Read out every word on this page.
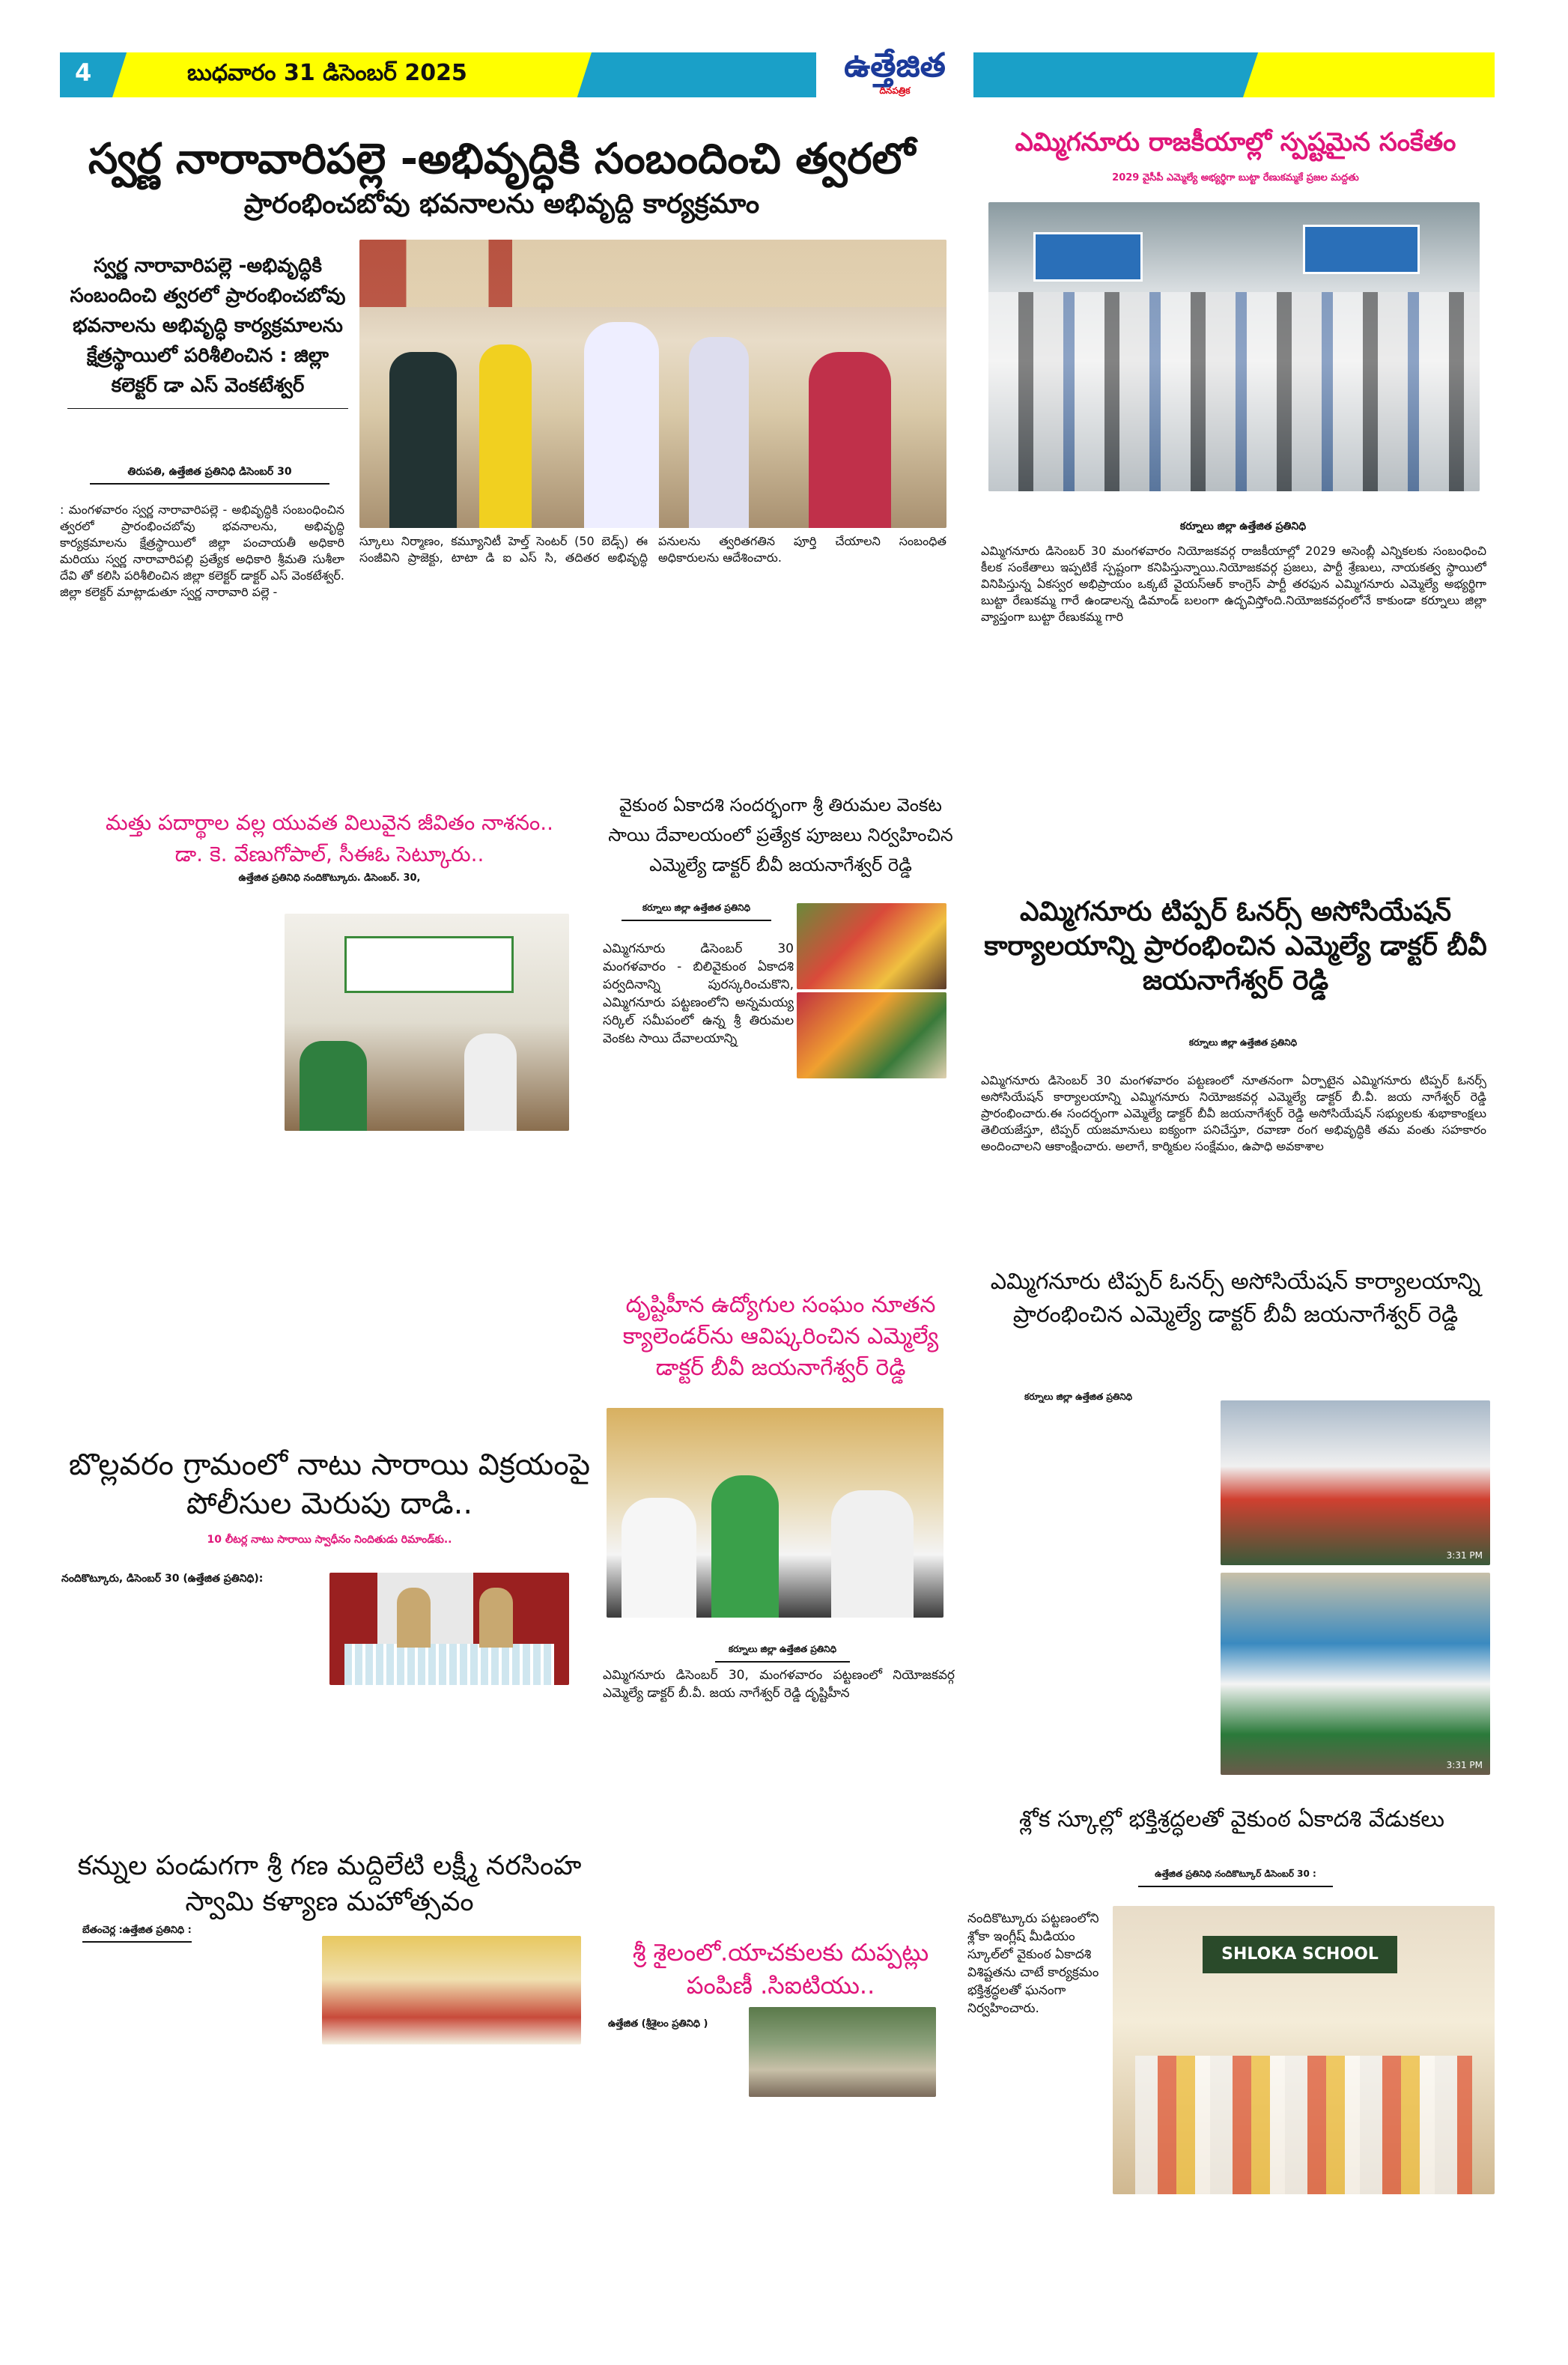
4	బుధవారం 31 డిసెంబర్ 2025	ఉత్తేజిత
దినపత్రిక
స్వర్ణ నారావారిపల్లె -అభివృద్ధికి సంబందించి త్వరలో
ప్రారంభించబోవు భవనాలను అభివృద్ది కార్యక్రమాం
స్వర్ణ నారావారిపల్లె -అభివృద్ధికి సంబందించి త్వరలో ప్రారంభించబోవు భవనాలను అభివృద్ధి కార్యక్రమాలను క్షేత్రస్థాయిలో పరిశీలించిన : జిల్లా కలెక్టర్ డా ఎస్ వెంకటేశ్వర్
తిరుపతి, ఉత్తేజిత ప్రతినిధి డిసెంబర్ 30
: మంగళవారం స్వర్ణ నారావారిపల్లె - అభివృద్ధికి సంబంధించిన త్వరలో ప్రారంభించబోవు భవనాలను, అభివృద్ధి కార్యక్రమాలను క్షేత్రస్థాయిలో జిల్లా పంచాయతీ అధికారి మరియు స్వర్ణ నారావారిపల్లి ప్రత్యేక అధికారి శ్రీమతి సుశీలా దేవి తో కలిసి పరిశీలించిన జిల్లా కలెక్టర్ డాక్టర్ ఎస్ వెంకటేశ్వర్. జిల్లా కలెక్టర్ మాట్లాడుతూ స్వర్ణ నారావారి పల్లె -
స్కూలు నిర్మాణం, కమ్యూనిటీ హెల్త్ సెంటర్ (50 బెడ్స్) ఈ సంజీవిని ప్రాజెక్టు, టాటా డి ఐ ఎస్ సి, తదితర అభివృద్ధి పనులను త్వరితగతిన పూర్తి చేయాలని సంబంధిత అధికారులను ఆదేశించారు.
ఎమ్మిగనూరు రాజకీయాల్లో స్పష్టమైన సంకేతం
2029 వైసీపీ ఎమ్మెల్యే అభ్యర్థిగా బుట్టా రేణుకమ్మకే ప్రజల మద్దతు
కర్నూలు జిల్లా ఉత్తేజిత ప్రతినిధి
ఎమ్మిగనూరు డిసెంబర్ 30 మంగళవారం నియోజకవర్గ రాజకీయాల్లో 2029 అసెంబ్లీ ఎన్నికలకు సంబంధించి కీలక సంకేతాలు ఇప్పటికే స్పష్టంగా కనిపిస్తున్నాయి.నియోజకవర్గ ప్రజలు, పార్టీ శ్రేణులు, నాయకత్వ స్థాయిలో వినిపిస్తున్న ఏకస్వర అభిప్రాయం ఒక్కటే వైయస్ఆర్ కాంగ్రెస్ పార్టీ తరఫున ఎమ్మిగనూరు ఎమ్మెల్యే అభ్యర్థిగా బుట్టా రేణుకమ్మ గారే ఉండాలన్న డిమాండ్ బలంగా ఉద్భవిస్తోంది.నియోజకవర్గంలోనే కాకుండా కర్నూలు జిల్లా వ్యాప్తంగా బుట్టా రేణుకమ్మ గారి
మత్తు పదార్థాల వల్ల యువత విలువైన జీవితం నాశనం..
డా. కె. వేణుగోపాల్, సీఈఓ సెట్కూరు..
ఉత్తేజిత ప్రతినిధి నందికొట్కూరు. డిసెంబర్. 30,
వైకుంఠ ఏకాదశి సందర్భంగా శ్రీ తిరుమల వెంకట సాయి దేవాలయంలో ప్రత్యేక పూజలు నిర్వహించిన ఎమ్మెల్యే డాక్టర్ బీవీ జయనాగేశ్వర్ రెడ్డి
కర్నూలు జిల్లా ఉత్తేజిత ప్రతినిధి
ఎమ్మిగనూరు డిసెంబర్ 30 మంగళవారం - బిలివైకుంఠ ఏకాదశి పర్వదినాన్ని పురస్కరించుకొని, ఎమ్మిగనూరు పట్టణంలోని అన్నమయ్య సర్కిల్ సమీపంలో ఉన్న శ్రీ తిరుమల వెంకట సాయి దేవాలయాన్ని
ఎమ్మిగనూరు టిప్పర్ ఓనర్స్ అసోసియేషన్ కార్యాలయాన్ని ప్రారంభించిన ఎమ్మెల్యే డాక్టర్ బీవీ జయనాగేశ్వర్ రెడ్డి
కర్నూలు జిల్లా ఉత్తేజిత ప్రతినిధి
ఎమ్మిగనూరు డిసెంబర్ 30 మంగళవారం పట్టణంలో నూతనంగా ఏర్పాటైన ఎమ్మిగనూరు టిప్పర్ ఓనర్స్ అసోసియేషన్ కార్యాలయాన్ని ఎమ్మిగనూరు నియోజకవర్గ ఎమ్మెల్యే డాక్టర్ బీ.వీ. జయ నాగేశ్వర్ రెడ్డి ప్రారంభించారు.ఈ సందర్భంగా ఎమ్మెల్యే డాక్టర్ బీవీ జయనాగేశ్వర్ రెడ్డి అసోసియేషన్ సభ్యులకు శుభాకాంక్షలు తెలియజేస్తూ, టిప్పర్ యజమానులు ఐక్యంగా పనిచేస్తూ, రవాణా రంగ అభివృద్ధికి తమ వంతు సహకారం అందించాలని ఆకాంక్షించారు. అలాగే, కార్మికుల సంక్షేమం, ఉపాధి అవకాశాల
దృష్టిహీన ఉద్యోగుల సంఘం నూతన క్యాలెండర్‌ను ఆవిష్కరించిన ఎమ్మెల్యే డాక్టర్ బీవీ జయనాగేశ్వర్ రెడ్డి
కర్నూలు జిల్లా ఉత్తేజిత ప్రతినిధి
ఎమ్మిగనూరు డిసెంబర్ 30, మంగళవారం పట్టణంలో నియోజకవర్గ ఎమ్మెల్యే డాక్టర్ బీ.వీ. జయ నాగేశ్వర్ రెడ్డి దృష్టిహీన
బొల్లవరం గ్రామంలో నాటు సారాయి విక్రయంపై పోలీసుల మెరుపు దాడి..
10 లీటర్ల నాటు సారాయి స్వాధీనం నిందితుడు రిమాండ్‌కు..
నందికొట్కూరు, డిసెంబర్ 30 (ఉత్తేజిత ప్రతినిధి):
కన్నుల పండుగగా శ్రీ గణ మద్దిలేటి లక్ష్మీ నరసింహ స్వామి కళ్యాణ మహోత్సవం
బేతంచెర్ల :ఉత్తేజిత ప్రతినిధి :
శ్రీ శైలంలో.యాచకులకు దుప్పట్లు పంపిణీ .సిఐటియు..
ఉత్తేజిత (శ్రీశైలం ప్రతినిధి )
ఎమ్మిగనూరు టిప్పర్ ఓనర్స్ అసోసియేషన్ కార్యాలయాన్ని ప్రారంభించిన ఎమ్మెల్యే డాక్టర్ బీవీ జయనాగేశ్వర్ రెడ్డి
కర్నూలు జిల్లా ఉత్తేజిత ప్రతినిధి
3:31 PM
3:31 PM
శ్లోక స్కూల్లో భక్తిశ్రద్ధలతో వైకుంఠ ఏకాదశి వేడుకలు
ఉత్తేజిత ప్రతినిధి నందికొట్కూర్ డిసెంబర్ 30 :
నందికొట్కూరు పట్టణంలోని శ్లోకా ఇంగ్లీష్ మీడియం స్కూల్‌లో వైకుంఠ ఏకాదశి విశిష్టతను చాటే కార్యక్రమం భక్తిశ్రద్ధలతో ఘనంగా నిర్వహించారు.
SHLOKA SCHOOL
